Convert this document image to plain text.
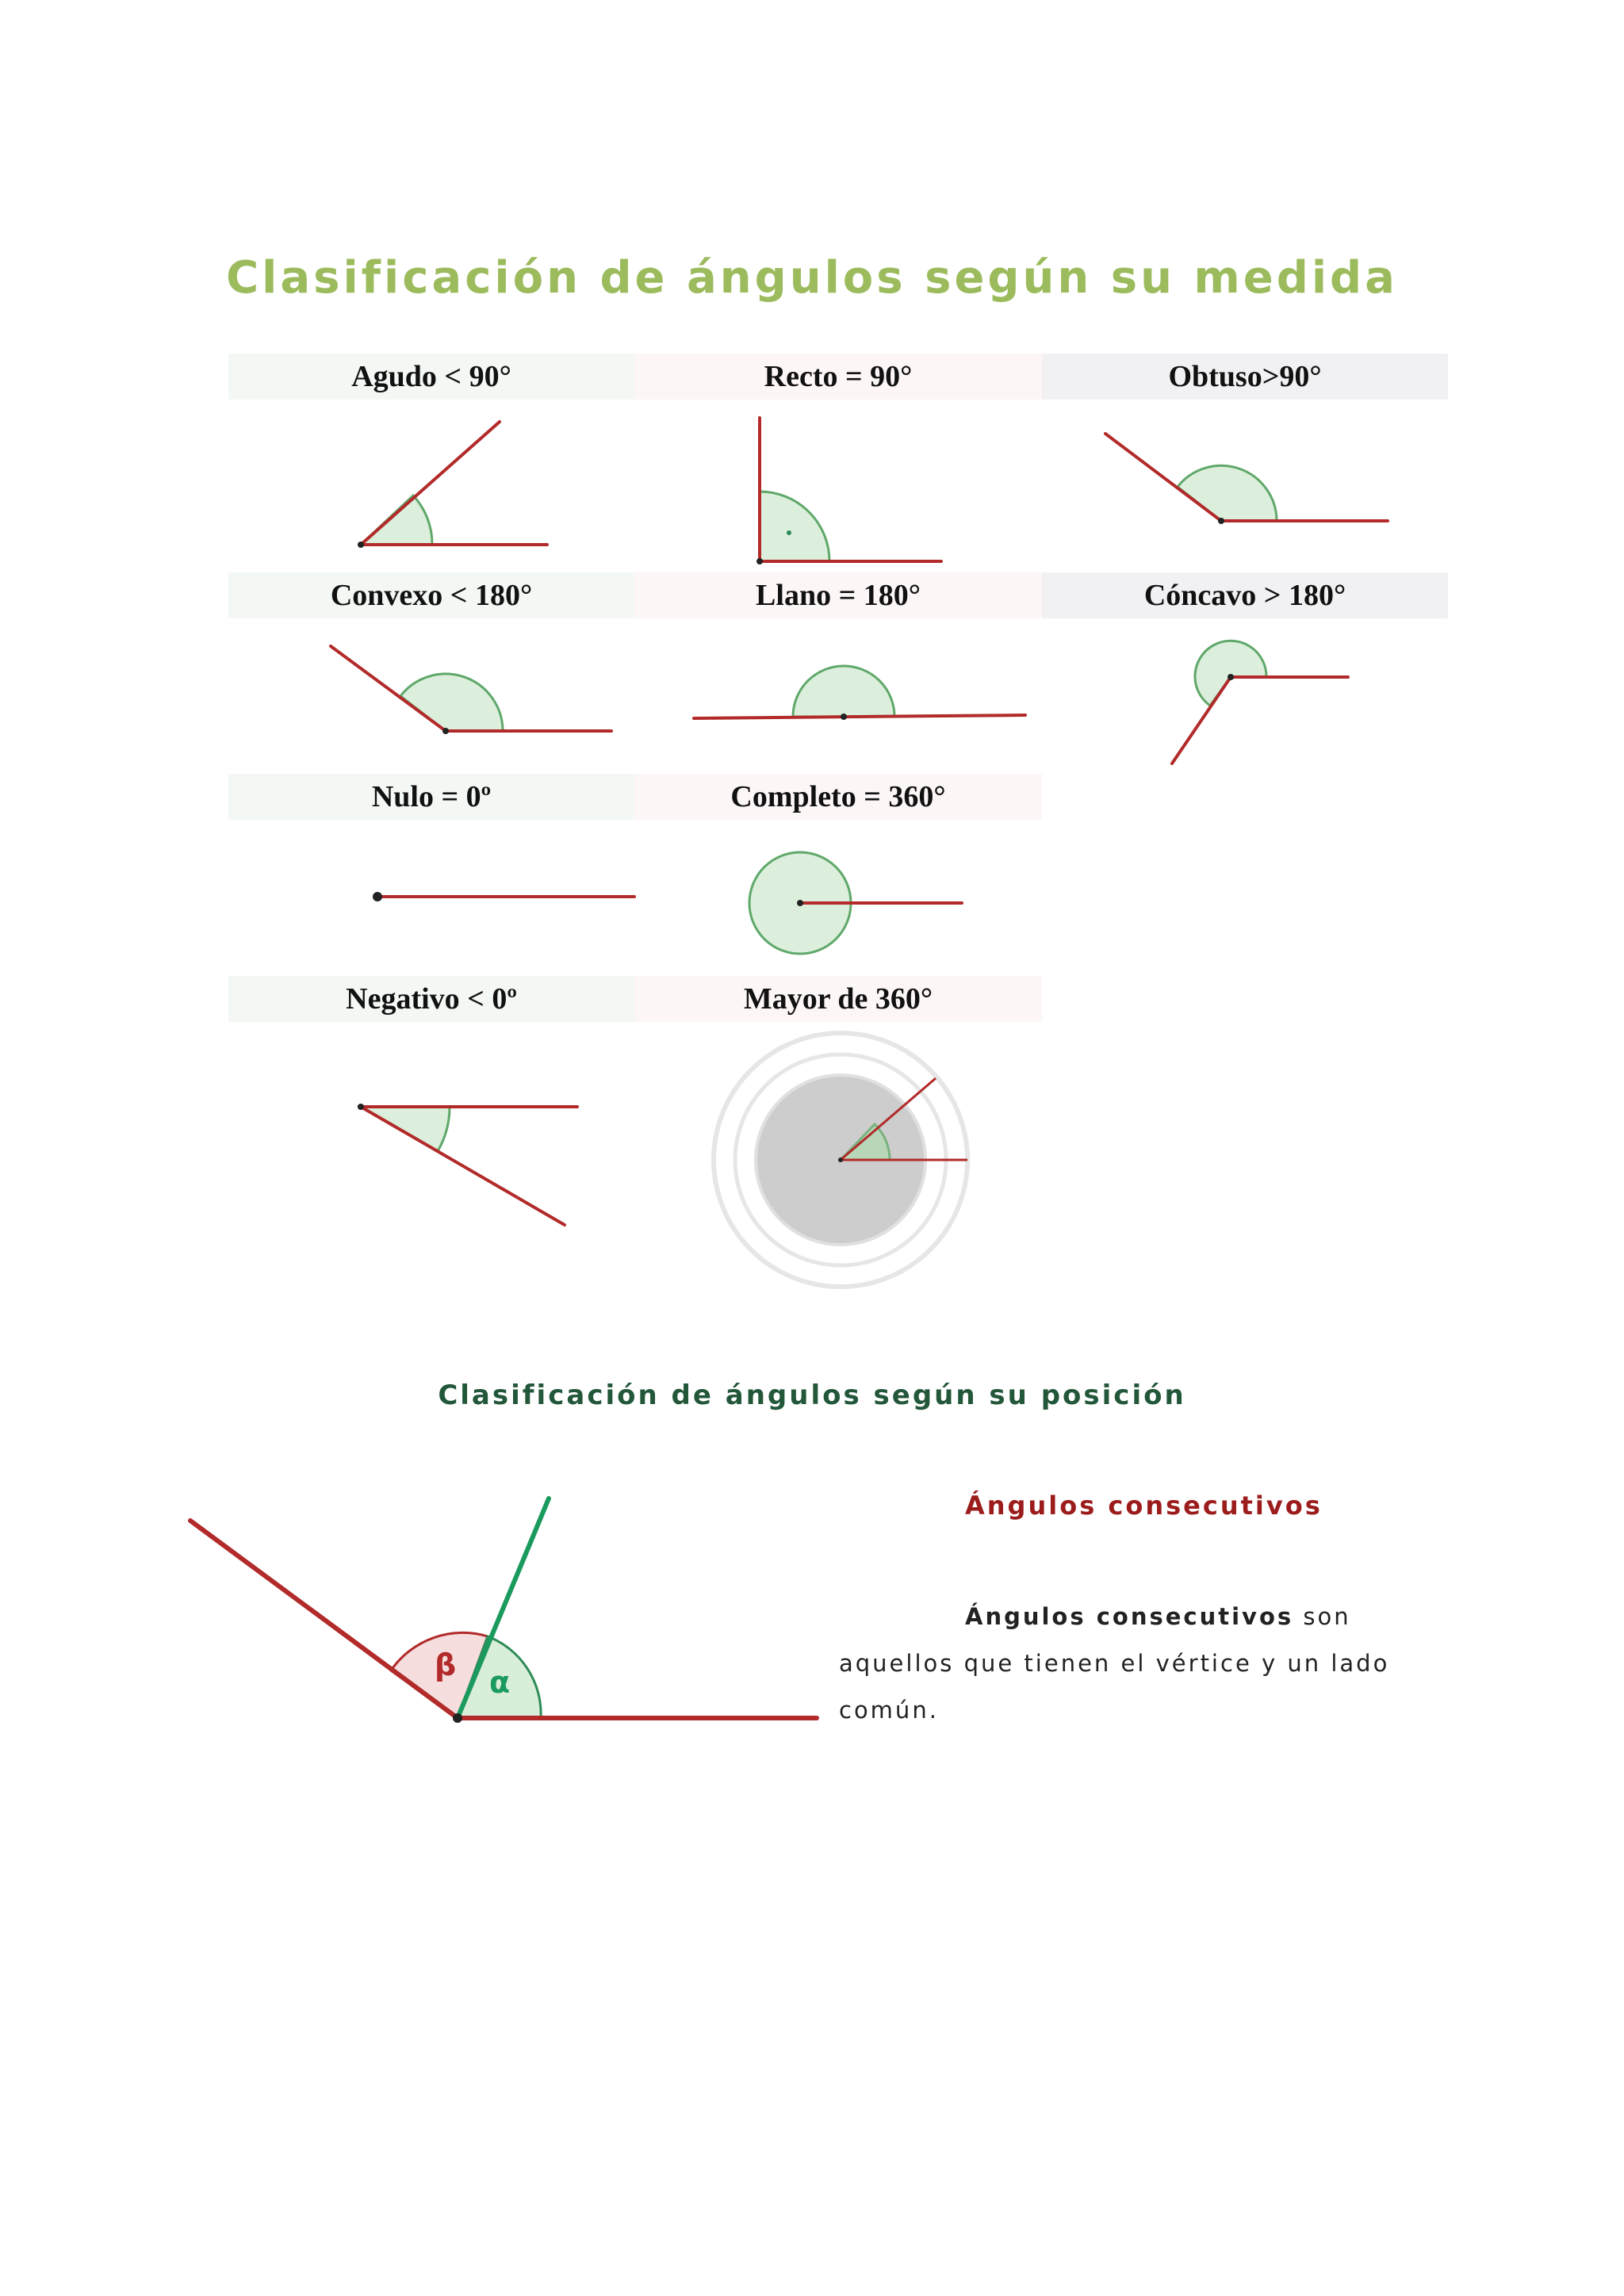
Clasificación de ángulos según su medida
Agudo < 90°	Recto = 90°	Obtuso>90°
Convexo < 180°	Llano = 180°	Cóncavo > 180°
Nulo = 0º	Completo = 360°
Negativo < 0º	Mayor de 360°
β α
Clasificación de ángulos según su posición
Ángulos consecutivos

Ángulos consecutivos son aquellos que tienen el vértice y un lado común.
